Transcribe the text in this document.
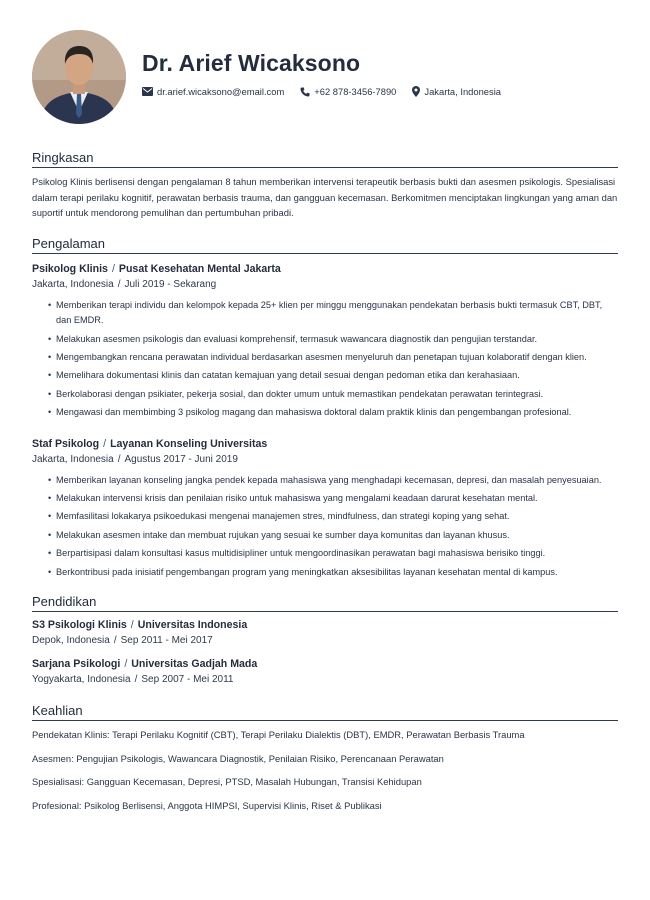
Dr. Arief Wicaksono
dr.arief.wicaksono@email.com	+62 878-3456-7890	Jakarta, Indonesia
Ringkasan
Psikolog Klinis berlisensi dengan pengalaman 8 tahun memberikan intervensi terapeutik berbasis bukti dan asesmen psikologis. Spesialisasi dalam terapi perilaku kognitif, perawatan berbasis trauma, dan gangguan kecemasan. Berkomitmen menciptakan lingkungan yang aman dan suportif untuk mendorong pemulihan dan pertumbuhan pribadi.
Pengalaman
Psikolog Klinis / Pusat Kesehatan Mental Jakarta
Jakarta, Indonesia / Juli 2019 - Sekarang
• Memberikan terapi individu dan kelompok kepada 25+ klien per minggu menggunakan pendekatan berbasis bukti termasuk CBT, DBT, dan EMDR.
• Melakukan asesmen psikologis dan evaluasi komprehensif, termasuk wawancara diagnostik dan pengujian terstandar.
• Mengembangkan rencana perawatan individual berdasarkan asesmen menyeluruh dan penetapan tujuan kolaboratif dengan klien.
• Memelihara dokumentasi klinis dan catatan kemajuan yang detail sesuai dengan pedoman etika dan kerahasiaan.
• Berkolaborasi dengan psikiater, pekerja sosial, dan dokter umum untuk memastikan pendekatan perawatan terintegrasi.
• Mengawasi dan membimbing 3 psikolog magang dan mahasiswa doktoral dalam praktik klinis dan pengembangan profesional.
Staf Psikolog / Layanan Konseling Universitas
Jakarta, Indonesia / Agustus 2017 - Juni 2019
• Memberikan layanan konseling jangka pendek kepada mahasiswa yang menghadapi kecemasan, depresi, dan masalah penyesuaian.
• Melakukan intervensi krisis dan penilaian risiko untuk mahasiswa yang mengalami keadaan darurat kesehatan mental.
• Memfasilitasi lokakarya psikoedukasi mengenai manajemen stres, mindfulness, dan strategi koping yang sehat.
• Melakukan asesmen intake dan membuat rujukan yang sesuai ke sumber daya komunitas dan layanan khusus.
• Berpartisipasi dalam konsultasi kasus multidisipliner untuk mengoordinasikan perawatan bagi mahasiswa berisiko tinggi.
• Berkontribusi pada inisiatif pengembangan program yang meningkatkan aksesibilitas layanan kesehatan mental di kampus.
Pendidikan
S3 Psikologi Klinis / Universitas Indonesia
Depok, Indonesia / Sep 2011 - Mei 2017
Sarjana Psikologi / Universitas Gadjah Mada
Yogyakarta, Indonesia / Sep 2007 - Mei 2011
Keahlian
Pendekatan Klinis: Terapi Perilaku Kognitif (CBT), Terapi Perilaku Dialektis (DBT), EMDR, Perawatan Berbasis Trauma
Asesmen: Pengujian Psikologis, Wawancara Diagnostik, Penilaian Risiko, Perencanaan Perawatan
Spesialisasi: Gangguan Kecemasan, Depresi, PTSD, Masalah Hubungan, Transisi Kehidupan
Profesional: Psikolog Berlisensi, Anggota HIMPSI, Supervisi Klinis, Riset & Publikasi
